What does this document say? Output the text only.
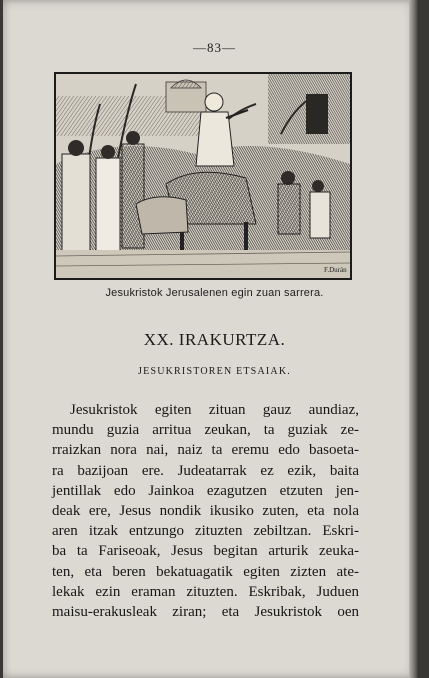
—83—
F.Durán
Jesukristok Jerusalenen egin zuan sarrera.
XX. IRAKURTZA.
JESUKRISTOREN ETSAIAK.
Jesukristok egiten zituan gauz aundiaz,
mundu guzia arritua zeukan, ta guziak ze-
rraizkan nora nai, naiz ta eremu edo basoeta-
ra bazijoan ere. Judeatarrak ez ezik, baita
jentillak edo Jainkoa ezagutzen etzuten jen-
deak ere, Jesus nondik ikusiko zuten, eta nola
aren itzak entzungo zituzten zebiltzan. Eskri-
ba ta Fariseoak, Jesus begitan arturik zeuka-
ten, eta beren bekatuagatik egiten zizten ate-
lekak ezin eraman zituzten. Eskribak, Juduen
maisu-erakusleak ziran; eta Jesukristok oen
